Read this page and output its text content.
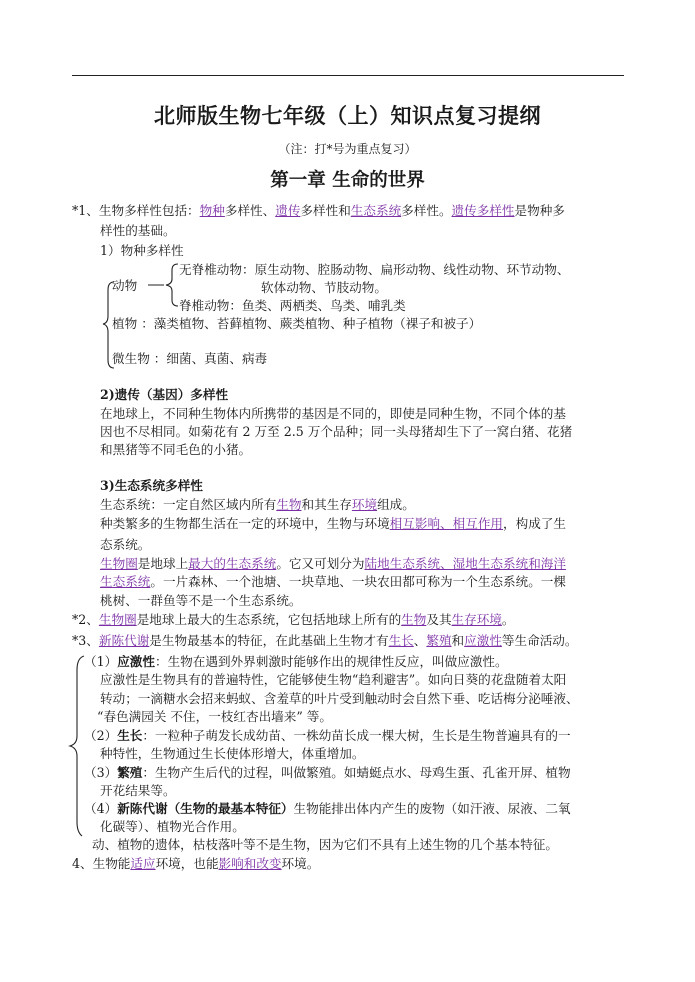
北师版生物七年级（上）知识点复习提纲
（注：打*号为重点复习）
第一章 生命的世界
*1、生物多样性包括：物种多样性、遗传多样性和生态系统多样性。遗传多样性是物种多
样性的基础。
1）物种多样性
动物
无脊椎动物：原生动物、腔肠动物、扁形动物、线性动物、环节动物、
软体动物、节肢动物。
脊椎动物：鱼类、两栖类、鸟类、哺乳类
植物 ：藻类植物、苔藓植物、蕨类植物、种子植物（裸子和被子）
微生物 ：细菌、真菌、病毒
2)遗传（基因）多样性
在地球上，不同种生物体内所携带的基因是不同的，即使是同种生物，不同个体的基
因也不尽相同。如菊花有 2 万至 2.5 万个品种；同一头母猪却生下了一窝白猪、花猪
和黑猪等不同毛色的小猪。
3)生态系统多样性
生态系统：一定自然区域内所有生物和其生存环境组成。
种类繁多的生物都生活在一定的环境中，生物与环境相互影响、相互作用，构成了生
态系统。
生物圈是地球上最大的生态系统。它又可划分为陆地生态系统、湿地生态系统和海洋
生态系统。一片森林、一个池塘、一块草地、一块农田都可称为一个生态系统。一棵
桃树、一群鱼等不是一个生态系统。
*2、生物圈是地球上最大的生态系统，它包括地球上所有的生物及其生存环境。
*3、新陈代谢是生物最基本的特征，在此基础上生物才有生长、繁殖和应激性等生命活动。
（1）应激性：生物在遇到外界刺激时能够作出的规律性反应，叫做应激性。
应激性是生物具有的普遍特性，它能够使生物“趋利避害”。如向日葵的花盘随着太阳
转动；一滴糖水会招来蚂蚁、含羞草的叶片受到触动时会自然下垂、吃话梅分泌唾液、
“春色满园关 不住，一枝红杏出墙来” 等。
（2）生长：一粒种子萌发长成幼苗、一株幼苗长成一棵大树，生长是生物普遍具有的一
种特性，生物通过生长使体形增大，体重增加。
（3）繁殖：生物产生后代的过程，叫做繁殖。如蜻蜓点水、母鸡生蛋、孔雀开屏、植物
开花结果等。
（4）新陈代谢（生物的最基本特征）生物能排出体内产生的废物（如汗液、尿液、二氧
化碳等）、植物光合作用。
动、植物的遗体，枯枝落叶等不是生物，因为它们不具有上述生物的几个基本特征。
4、生物能适应环境，也能影响和改变环境。
